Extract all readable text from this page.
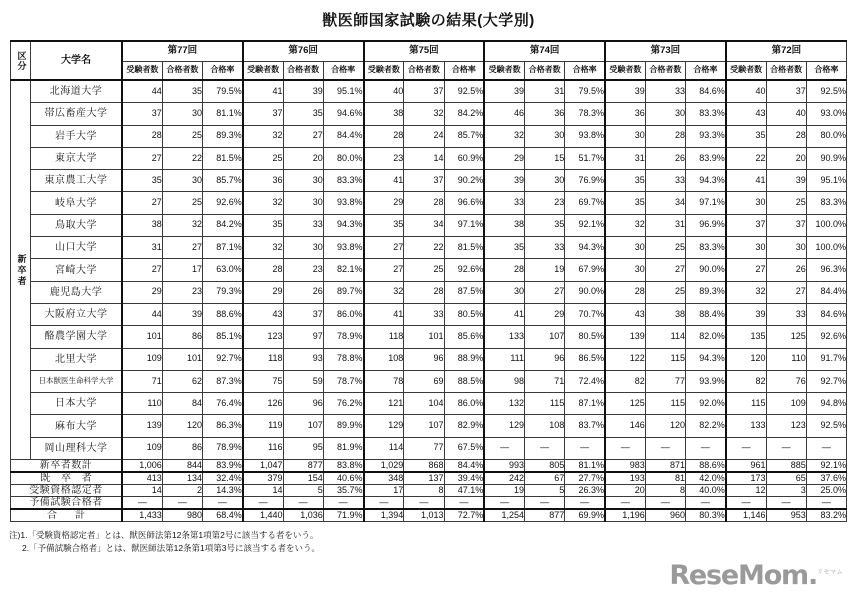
獣医師国家試験の結果(大学別)
区分	大学名	第77回			第76回			第75回			第74回			第73回			第72回		
		受験者数	合格者数	合格率	受験者数	合格者数	合格率	受験者数	合格者数	合格率	受験者数	合格者数	合格率	受験者数	合格者数	合格率	受験者数	合格者数	合格率
新卒者	北海道大学	44	35	79.5%	41	39	95.1%	40	37	92.5%	39	31	79.5%	39	33	84.6%	40	37	92.5%
	帯広畜産大学	37	30	81.1%	37	35	94.6%	38	32	84.2%	46	36	78.3%	36	30	83.3%	43	40	93.0%
	岩手大学	28	25	89.3%	32	27	84.4%	28	24	85.7%	32	30	93.8%	30	28	93.3%	35	28	80.0%
	東京大学	27	22	81.5%	25	20	80.0%	23	14	60.9%	29	15	51.7%	31	26	83.9%	22	20	90.9%
	東京農工大学	35	30	85.7%	36	30	83.3%	41	37	90.2%	39	30	76.9%	35	33	94.3%	41	39	95.1%
	岐阜大学	27	25	92.6%	32	30	93.8%	29	28	96.6%	33	23	69.7%	35	34	97.1%	30	25	83.3%
	鳥取大学	38	32	84.2%	35	33	94.3%	35	34	97.1%	38	35	92.1%	32	31	96.9%	37	37	100.0%
	山口大学	31	27	87.1%	32	30	93.8%	27	22	81.5%	35	33	94.3%	30	25	83.3%	30	30	100.0%
	宮崎大学	27	17	63.0%	28	23	82.1%	27	25	92.6%	28	19	67.9%	30	27	90.0%	27	26	96.3%
	鹿児島大学	29	23	79.3%	29	26	89.7%	32	28	87.5%	30	27	90.0%	28	25	89.3%	32	27	84.4%
	大阪府立大学	44	39	88.6%	43	37	86.0%	41	33	80.5%	41	29	70.7%	43	38	88.4%	39	33	84.6%
	酪農学園大学	101	86	85.1%	123	97	78.9%	118	101	85.6%	133	107	80.5%	139	114	82.0%	135	125	92.6%
	北里大学	109	101	92.7%	118	93	78.8%	108	96	88.9%	111	96	86.5%	122	115	94.3%	120	110	91.7%
	日本獣医生命科学大学	71	62	87.3%	75	59	78.7%	78	69	88.5%	98	71	72.4%	82	77	93.9%	82	76	92.7%
	日本大学	110	84	76.4%	126	96	76.2%	121	104	86.0%	132	115	87.1%	125	115	92.0%	115	109	94.8%
	麻布大学	139	120	86.3%	119	107	89.9%	129	107	82.9%	129	108	83.7%	146	120	82.2%	133	123	92.5%
	岡山理科大学	109	86	78.9%	116	95	81.9%	114	77	67.5%	—	—	—	—	—	—	—	—	—
新卒者数計		1,006	844	83.9%	1,047	877	83.8%	1,029	868	84.4%	993	805	81.1%	983	871	88.6%	961	885	92.1%
既 卒 者		413	134	32.4%	379	154	40.6%	348	137	39.4%	242	67	27.7%	193	81	42.0%	173	65	37.6%
受験資格認定者		14	2	14.3%	14	5	35.7%	17	8	47.1%	19	5	26.3%	20	8	40.0%	12	3	25.0%
予備試験合格者		—	—	—	—	—	—	—	—	—	—	—	—	—	—	—	—	—	—
合　計		1,433	980	68.4%	1,440	1,036	71.9%	1,394	1,013	72.7%	1,254	877	69.9%	1,196	960	80.3%	1,146	953	83.2%
注)1.「受験資格認定者」とは、獣医師法第12条第1項第2号に該当する者をいう。
2.「予備試験合格者」とは、獣医師法第12条第1項第3号に該当する者をいう。
ReseMom.$^{リセマム}$
